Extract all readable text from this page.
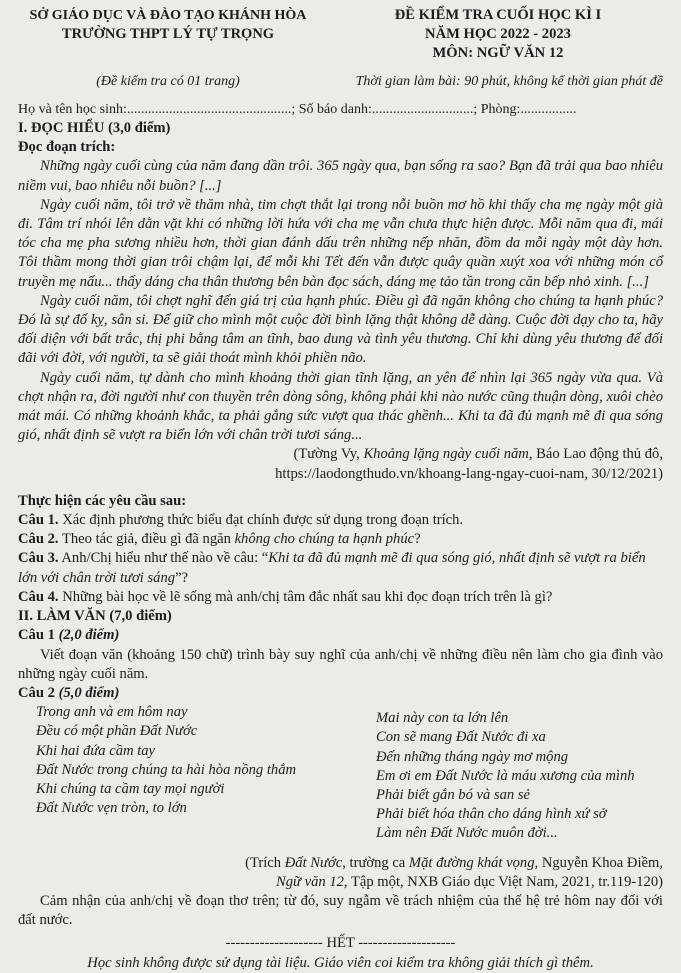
SỞ GIÁO DỤC VÀ ĐÀO TẠO KHÁNH HÒA
TRƯỜNG THPT LÝ TỰ TRỌNG
ĐỀ KIỂM TRA CUỐI HỌC KÌ I
NĂM HỌC 2022 - 2023
MÔN: NGỮ VĂN 12
(Đề kiểm tra có 01 trang)	Thời gian làm bài: 90 phút, không kể thời gian phát đề
Họ và tên học sinh:...............................................; Số báo danh:.............................; Phòng:................
I. ĐỌC HIỂU (3,0 điểm)
Đọc đoạn trích:

Những ngày cuối cùng của năm đang dần trôi. 365 ngày qua, bạn sống ra sao? Bạn đã trải qua bao nhiêu niềm vui, bao nhiêu nỗi buồn? [...]

Ngày cuối năm, tôi trở về thăm nhà, tim chợt thắt lại trong nỗi buồn mơ hồ khi thấy cha mẹ ngày một già đi. Tâm trí nhói lên dằn vặt khi có những lời hứa với cha mẹ vẫn chưa thực hiện được. Mỗi năm qua đi, mái tóc cha mẹ pha sương nhiều hơn, thời gian đánh dấu trên những nếp nhăn, đồm da mỗi ngày một dày hơn. Tôi thầm mong thời gian trôi chậm lại, để mỗi khi Tết đến vẫn được quây quần xuýt xoa với những món cổ truyền mẹ nấu... thấy dáng cha thân thương bên bàn đọc sách, dáng mẹ tảo tần trong căn bếp nhỏ xinh. [...]

Ngày cuối năm, tôi chợt nghĩ đến giá trị của hạnh phúc. Điều gì đã ngăn không cho chúng ta hạnh phúc? Đó là sự đố kỵ, sân si. Để giữ cho mình một cuộc đời bình lặng thật không dễ dàng. Cuộc đời dạy cho ta, hãy đối diện với bất trắc, thị phi bằng tâm an tĩnh, bao dung và tình yêu thương. Chỉ khi dùng yêu thương để đối đãi với đời, với người, ta sẽ giải thoát mình khỏi phiền não.

Ngày cuối năm, tự dành cho mình khoảng thời gian tĩnh lặng, an yên để nhìn lại 365 ngày vừa qua. Và chợt nhận ra, đời người như con thuyền trên dòng sông, không phải khi nào nước cũng thuận dòng, xuôi chèo mát mái. Có những khoảnh khắc, ta phải gắng sức vượt qua thác ghềnh... Khi ta đã đủ mạnh mẽ đi qua sóng gió, nhất định sẽ vượt ra biển lớn với chân trời tươi sáng...

(Tường Vy, Khoảng lặng ngày cuối năm, Báo Lao động thủ đô,
https://laodongthudo.vn/khoang-lang-ngay-cuoi-nam, 30/12/2021)
Thực hiện các yêu cầu sau:

Câu 1. Xác định phương thức biểu đạt chính được sử dụng trong đoạn trích.

Câu 2. Theo tác giả, điều gì đã ngăn không cho chúng ta hạnh phúc?

Câu 3. Anh/Chị hiểu như thế nào về câu: “Khi ta đã đủ mạnh mẽ đi qua sóng gió, nhất định sẽ vượt ra biển lớn với chân trời tươi sáng”?

Câu 4. Những bài học về lẽ sống mà anh/chị tâm đắc nhất sau khi đọc đoạn trích trên là gì?

II. LÀM VĂN (7,0 điểm)
Câu 1 (2,0 điểm)

Viết đoạn văn (khoảng 150 chữ) trình bày suy nghĩ của anh/chị về những điều nên làm cho gia đình vào những ngày cuối năm.

Câu 2 (5,0 điểm)
Trong anh và em hôm nay
Đều có một phần Đất Nước
Khi hai đứa cầm tay
Đất Nước trong chúng ta hài hòa nồng thắm
Khi chúng ta cầm tay mọi người
Đất Nước vẹn tròn, to lớn
Mai này con ta lớn lên
Con sẽ mang Đất Nước đi xa
Đến những tháng ngày mơ mộng
Em ơi em Đất Nước là máu xương của mình
Phải biết gắn bó và san sẻ
Phải biết hóa thân cho dáng hình xứ sở
Làm nên Đất Nước muôn đời...
(Trích Đất Nước, trường ca Mặt đường khát vọng, Nguyễn Khoa Điềm,
Ngữ văn 12, Tập một, NXB Giáo dục Việt Nam, 2021, tr.119-120)

Cảm nhận của anh/chị về đoạn thơ trên; từ đó, suy ngẫm về trách nhiệm của thế hệ trẻ hôm nay đối với đất nước.

-------------------- HẾT --------------------
Học sinh không được sử dụng tài liệu. Giáo viên coi kiểm tra không giải thích gì thêm.
